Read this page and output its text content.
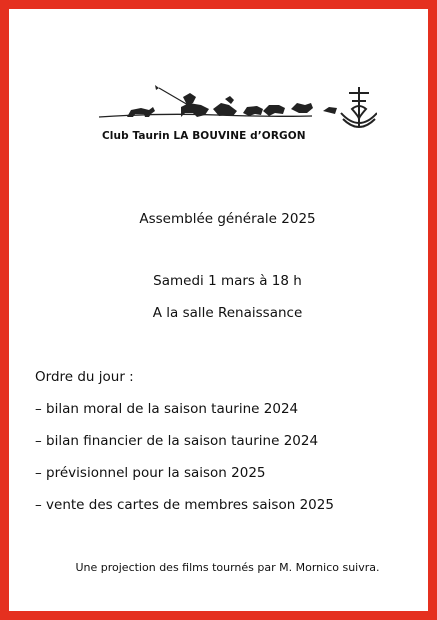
Club Taurin LA BOUVINE d’ORGON
Assemblée générale 2025
Samedi 1 mars à 18 h
A la salle Renaissance
Ordre du jour :
– bilan moral de la saison taurine 2024
– bilan financier de la saison taurine 2024
– prévisionnel pour la saison 2025
– vente des cartes de membres saison 2025
Une projection des films tournés par M. Mornico suivra.
